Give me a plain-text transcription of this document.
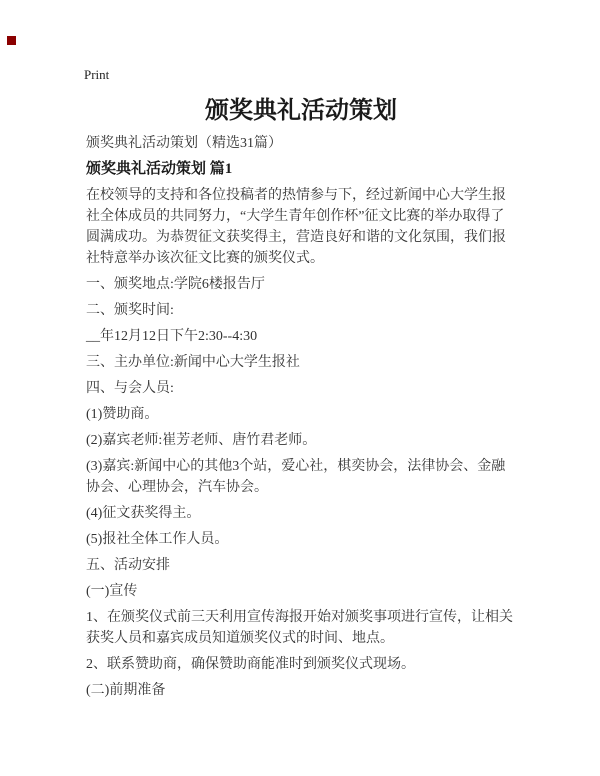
Print
颁奖典礼活动策划

颁奖典礼活动策划（精选31篇）

颁奖典礼活动策划 篇1

在校领导的支持和各位投稿者的热情参与下，经过新闻中心大学生报社全体成员的共同努力，“大学生青年创作杯”征文比赛的举办取得了圆满成功。为恭贺征文获奖得主，营造良好和谐的文化氛围，我们报社特意举办该次征文比赛的颁奖仪式。

一、颁奖地点:学院6楼报告厅

二、颁奖时间:

__年12月12日下午2:30--4:30

三、主办单位:新闻中心大学生报社

四、与会人员:

(1)赞助商。

(2)嘉宾老师:崔芳老师、唐竹君老师。

(3)嘉宾:新闻中心的其他3个站，爱心社，棋奕协会，法律协会、金融协会、心理协会，汽车协会。

(4)征文获奖得主。

(5)报社全体工作人员。

五、活动安排

(一)宣传

1、在颁奖仪式前三天利用宣传海报开始对颁奖事项进行宣传，让相关获奖人员和嘉宾成员知道颁奖仪式的时间、地点。

2、联系赞助商，确保赞助商能准时到颁奖仪式现场。

(二)前期准备
